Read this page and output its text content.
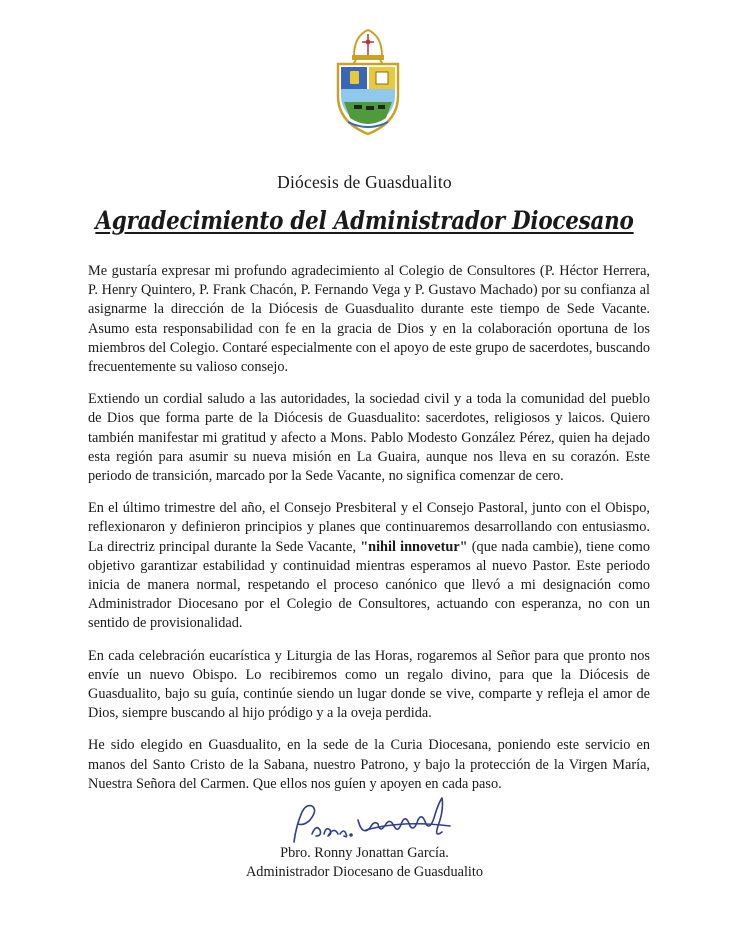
Diócesis de Guasdualito
Agradecimiento del Administrador Diocesano

Me gustaría expresar mi profundo agradecimiento al Colegio de Consultores (P. Héctor Herrera, P. Henry Quintero, P. Frank Chacón, P. Fernando Vega y P. Gustavo Machado) por su confianza al asignarme la dirección de la Diócesis de Guasdualito durante este tiempo de Sede Vacante. Asumo esta responsabilidad con fe en la gracia de Dios y en la colaboración oportuna de los miembros del Colegio. Contaré especialmente con el apoyo de este grupo de sacerdotes, buscando frecuentemente su valioso consejo.

Extiendo un cordial saludo a las autoridades, la sociedad civil y a toda la comunidad del pueblo de Dios que forma parte de la Diócesis de Guasdualito: sacerdotes, religiosos y laicos. Quiero también manifestar mi gratitud y afecto a Mons. Pablo Modesto González Pérez, quien ha dejado esta región para asumir su nueva misión en La Guaira, aunque nos lleva en su corazón. Este periodo de transición, marcado por la Sede Vacante, no significa comenzar de cero.

En el último trimestre del año, el Consejo Presbiteral y el Consejo Pastoral, junto con el Obispo, reflexionaron y definieron principios y planes que continuaremos desarrollando con entusiasmo. La directriz principal durante la Sede Vacante, "nihil innovetur" (que nada cambie), tiene como objetivo garantizar estabilidad y continuidad mientras esperamos al nuevo Pastor. Este periodo inicia de manera normal, respetando el proceso canónico que llevó a mi designación como Administrador Diocesano por el Colegio de Consultores, actuando con esperanza, no con un sentido de provisionalidad.

En cada celebración eucarística y Liturgia de las Horas, rogaremos al Señor para que pronto nos envíe un nuevo Obispo. Lo recibiremos como un regalo divino, para que la Diócesis de Guasdualito, bajo su guía, continúe siendo un lugar donde se vive, comparte y refleja el amor de Dios, siempre buscando al hijo pródigo y a la oveja perdida.

He sido elegido en Guasdualito, en la sede de la Curia Diocesana, poniendo este servicio en manos del Santo Cristo de la Sabana, nuestro Patrono, y bajo la protección de la Virgen María, Nuestra Señora del Carmen. Que ellos nos guíen y apoyen en cada paso.

Pbro. Ronny Jonattan García.
Administrador Diocesano de Guasdualito
